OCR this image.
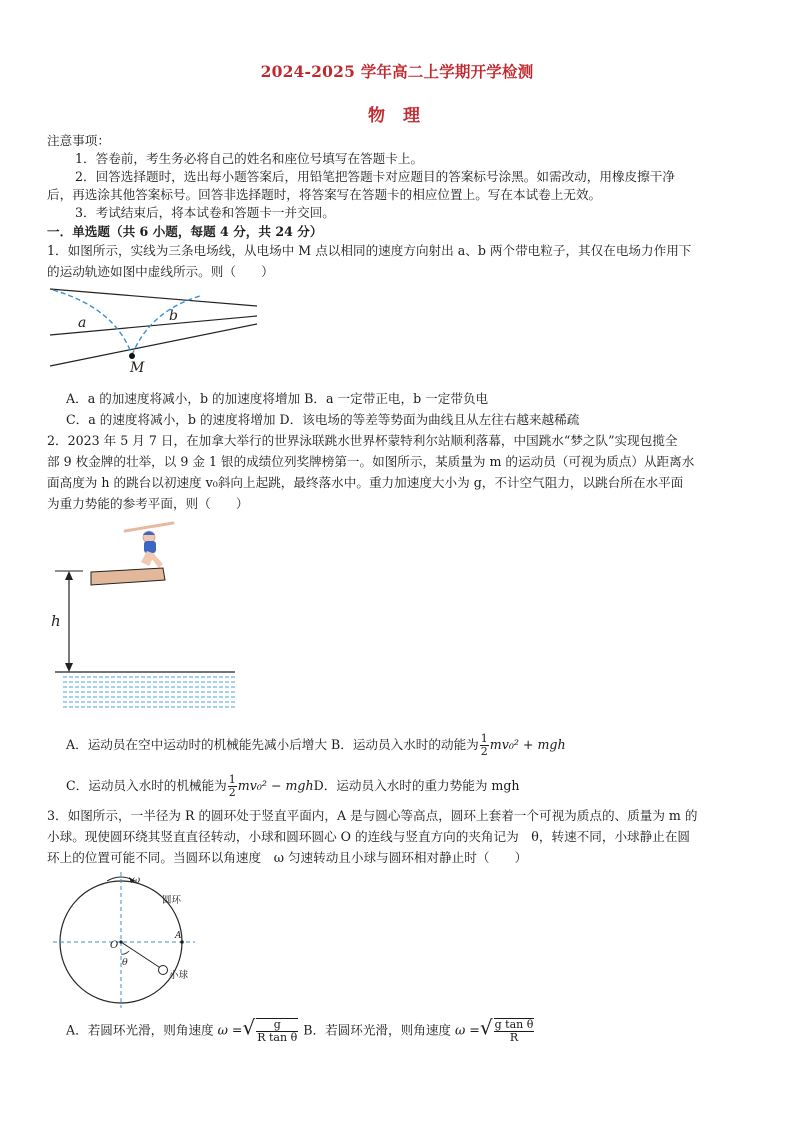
2024-2025 学年高二上学期开学检测
物 理
注意事项：
1．答卷前，考生务必将自己的姓名和座位号填写在答题卡上。
2．回答选择题时，选出每小题答案后，用铅笔把答题卡对应题目的答案标号涂黑。如需改动，用橡皮擦干净
后，再选涂其他答案标号。回答非选择题时，将答案写在答题卡的相应位置上。写在本试卷上无效。
3．考试结束后，将本试卷和答题卡一并交回。
一．单选题（共 6 小题，每题 4 分，共 24 分）
1．如图所示，实线为三条电场线，从电场中 M 点以相同的速度方向射出 a、b 两个带电粒子，其仅在电场力作用下
的运动轨迹如图中虚线所示。则（　　）
a	b
M
A．a 的加速度将减小，b 的加速度将增加 B．a 一定带正电，b 一定带负电
C．a 的速度将减小，b 的速度将增加 D．该电场的等差等势面为曲线且从左往右越来越稀疏
2．2023 年 5 月 7 日，在加拿大举行的世界泳联跳水世界杯蒙特利尔站顺利落幕，中国跳水“梦之队”实现包揽全
部 9 枚金牌的壮举，以 9 金 1 银的成绩位列奖牌榜第一。如图所示，某质量为 m 的运动员（可视为质点）从距离水
面高度为 h 的跳台以初速度 v₀斜向上起跳，最终落水中。重力加速度大小为 g，不计空气阻力，以跳台所在水平面
为重力势能的参考平面，则（　　）
h
A．运动员在空中运动时的机械能先减小后增大 B．运动员入水时的动能为 $\frac{1}{2} mv_0^2$ + mgh
C．运动员入水时的机械能为 $\frac{1}{2} mv_0^2$ − mghD．运动员入水时的重力势能为 mgh
3．如图所示，一半径为 R 的圆环处于竖直平面内，A 是与圆心等高点，圆环上套着一个可视为质点的、质量为 m 的
小球。现使圆环绕其竖直直径转动，小球和圆环圆心 O 的连线与竖直方向的夹角记为　θ，转速不同，小球静止在圆
环上的位置可能不同。当圆环以角速度　ω 匀速转动且小球与圆环相对静止时（　　）
ω
圆环
小球
A
O
θ
A．若圆环光滑，则角速度 ω =√ $\frac{g}{\text{R tan θ}}$ B．若圆环光滑，则角速度 ω =√ $\frac{\text{g tan θ}}{R}$
